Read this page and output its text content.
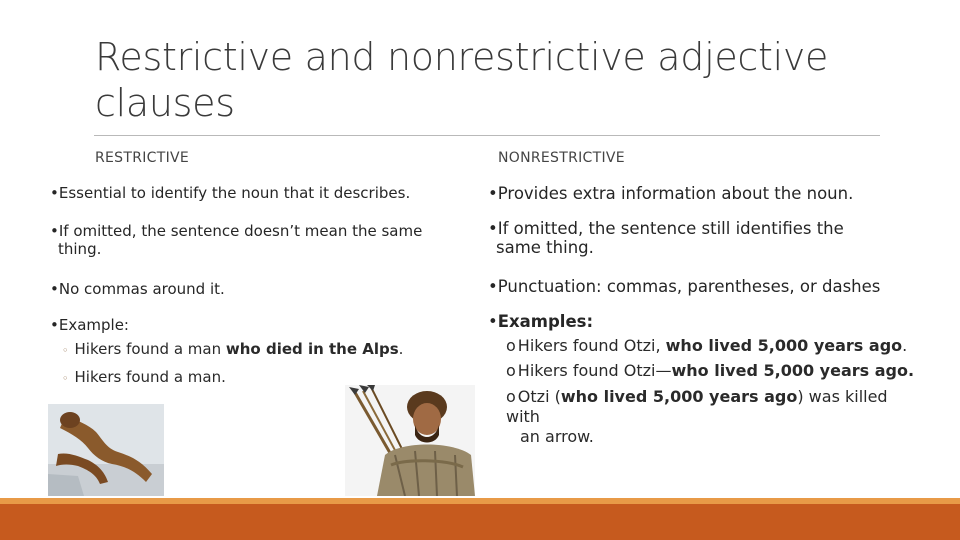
Restrictive and nonrestrictive adjective
clauses
RESTRICTIVE	NONRESTRICTIVE
•Essential to identify the noun that it describes.
•If omitted, the sentence doesn’t mean the same
thing.
•No commas around it.
•Example:
◦ Hikers found a man who died in the Alps.
◦ Hikers found a man.
•Provides extra information about the noun.
•If omitted, the sentence still identifies the
same thing.
•Punctuation: commas, parentheses, or dashes
•Examples:
o Hikers found Otzi, who lived 5,000 years ago.
o Hikers found Otzi—who lived 5,000 years ago.
o Otzi (who lived 5,000 years ago) was killed with
an arrow.
